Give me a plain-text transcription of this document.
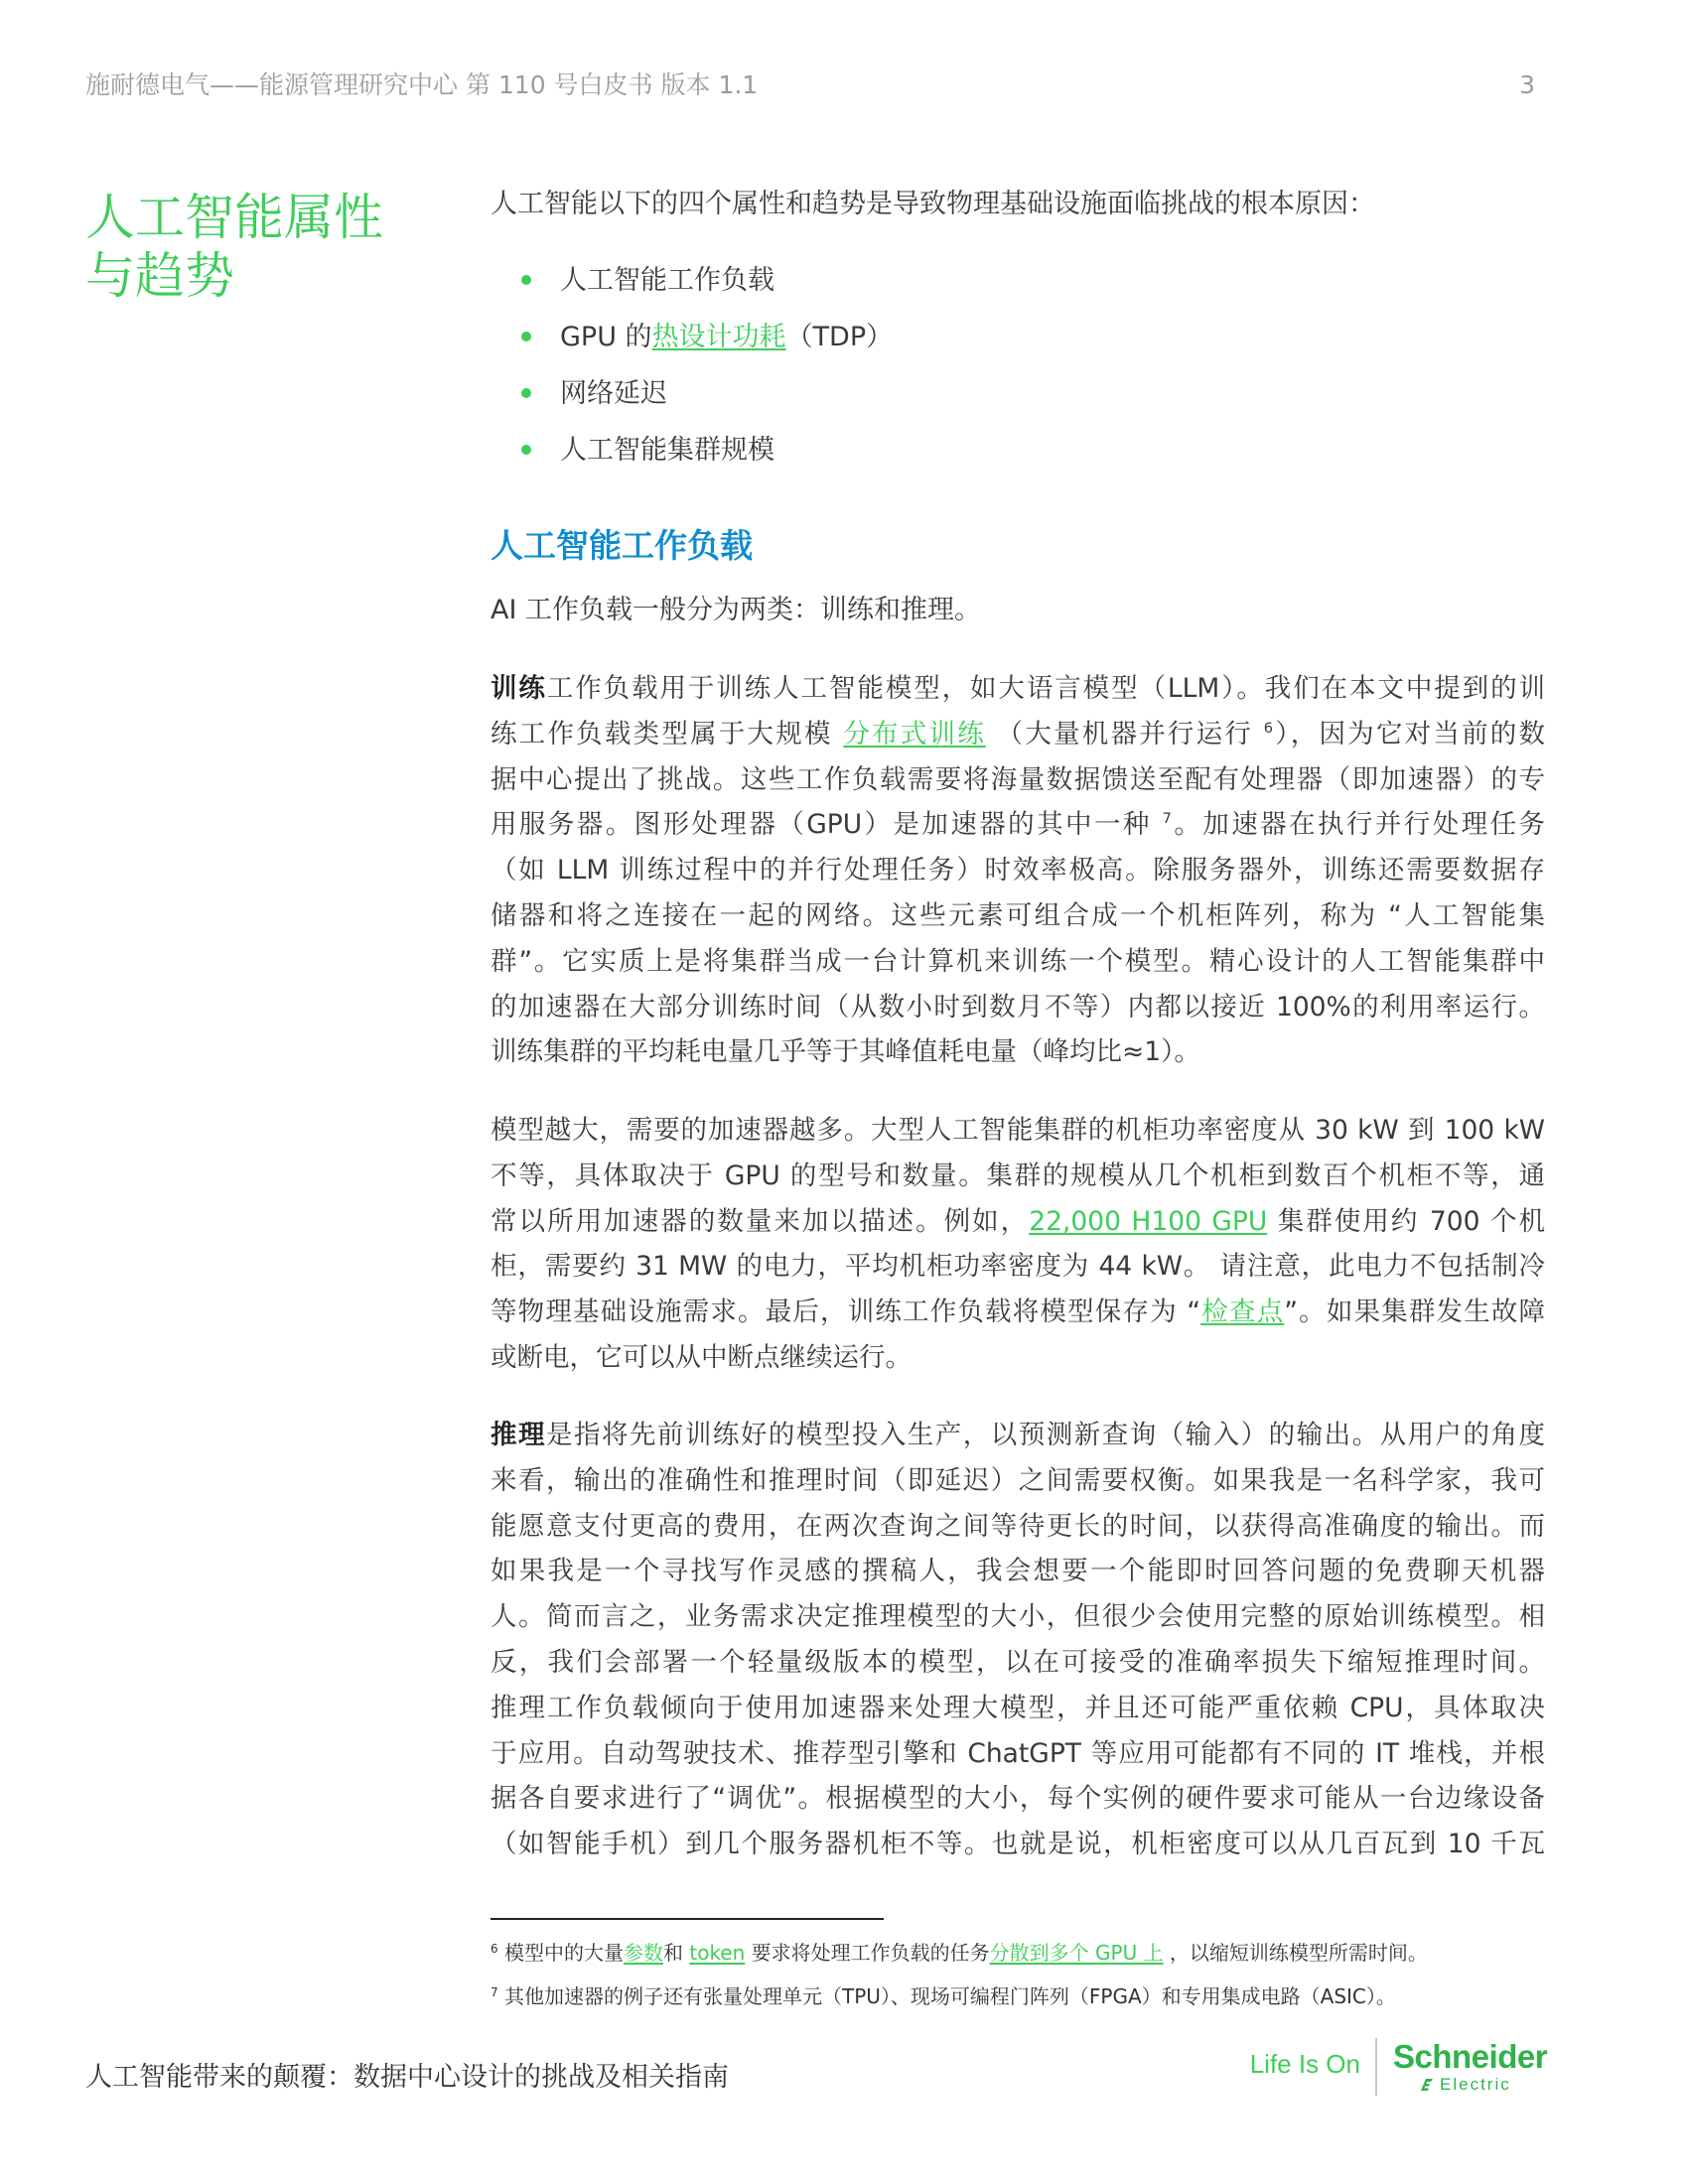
施耐德电气——能源管理研究中心 第 110 号白皮书 版本 1.1	3
人工智能属性
与趋势

人工智能以下的四个属性和趋势是导致物理基础设施面临挑战的根本原因：

人工智能工作负载
GPU 的热设计功耗（TDP）
网络延迟
人工智能集群规模
人工智能工作负载

AI 工作负载一般分为两类：训练和推理。

训练工作负载用于训练人工智能模型，如大语言模型（LLM）。我们在本文中提到的训
练工作负载类型属于大规模 分布式训练 （大量机器并行运行 $^6$），因为它对当前的数
据中心提出了挑战。这些工作负载需要将海量数据馈送至配有处理器（即加速器）的专
用服务器。图形处理器（GPU）是加速器的其中一种 $^7$。加速器在执行并行处理任务
（如 LLM 训练过程中的并行处理任务）时效率极高。除服务器外，训练还需要数据存
储器和将之连接在一起的网络。这些元素可组合成一个机柜阵列，称为 “人工智能集
群”。它实质上是将集群当成一台计算机来训练一个模型。精心设计的人工智能集群中
的加速器在大部分训练时间（从数小时到数月不等）内都以接近 100%的利用率运行。
训练集群的平均耗电量几乎等于其峰值耗电量（峰均比≈1）。
模型越大，需要的加速器越多。大型人工智能集群的机柜功率密度从 30 kW 到 100 kW
不等，具体取决于 GPU 的型号和数量。集群的规模从几个机柜到数百个机柜不等，通
常以所用加速器的数量来加以描述。例如，22,000 H100 GPU 集群使用约 700 个机
柜，需要约 31 MW 的电力，平均机柜功率密度为 44 kW。 请注意，此电力不包括制冷
等物理基础设施需求。最后，训练工作负载将模型保存为 “检查点”。如果集群发生故障
或断电，它可以从中断点继续运行。
推理是指将先前训练好的模型投入生产，以预测新查询（输入）的输出。从用户的角度
来看，输出的准确性和推理时间（即延迟）之间需要权衡。如果我是一名科学家，我可
能愿意支付更高的费用，在两次查询之间等待更长的时间，以获得高准确度的输出。而
如果我是一个寻找写作灵感的撰稿人，我会想要一个能即时回答问题的免费聊天机器
人。简而言之，业务需求决定推理模型的大小，但很少会使用完整的原始训练模型。相
反，我们会部署一个轻量级版本的模型，以在可接受的准确率损失下缩短推理时间。
推理工作负载倾向于使用加速器来处理大模型，并且还可能严重依赖 CPU，具体取决
于应用。自动驾驶技术、推荐型引擎和 ChatGPT 等应用可能都有不同的 IT 堆栈，并根
据各自要求进行了“调优”。根据模型的大小，每个实例的硬件要求可能从一台边缘设备
（如智能手机）到几个服务器机柜不等。也就是说，机柜密度可以从几百瓦到 10 千瓦
$^6$ 模型中的大量参数和 token 要求将处理工作负载的任务分散到多个 GPU 上 ，以缩短训练模型所需时间。
$^7$ 其他加速器的例子还有张量处理单元（TPU）、现场可编程门阵列（FPGA）和专用集成电路（ASIC）。
人工智能带来的颠覆：数据中心设计的挑战及相关指南	Life Is On Schneider
Electric
